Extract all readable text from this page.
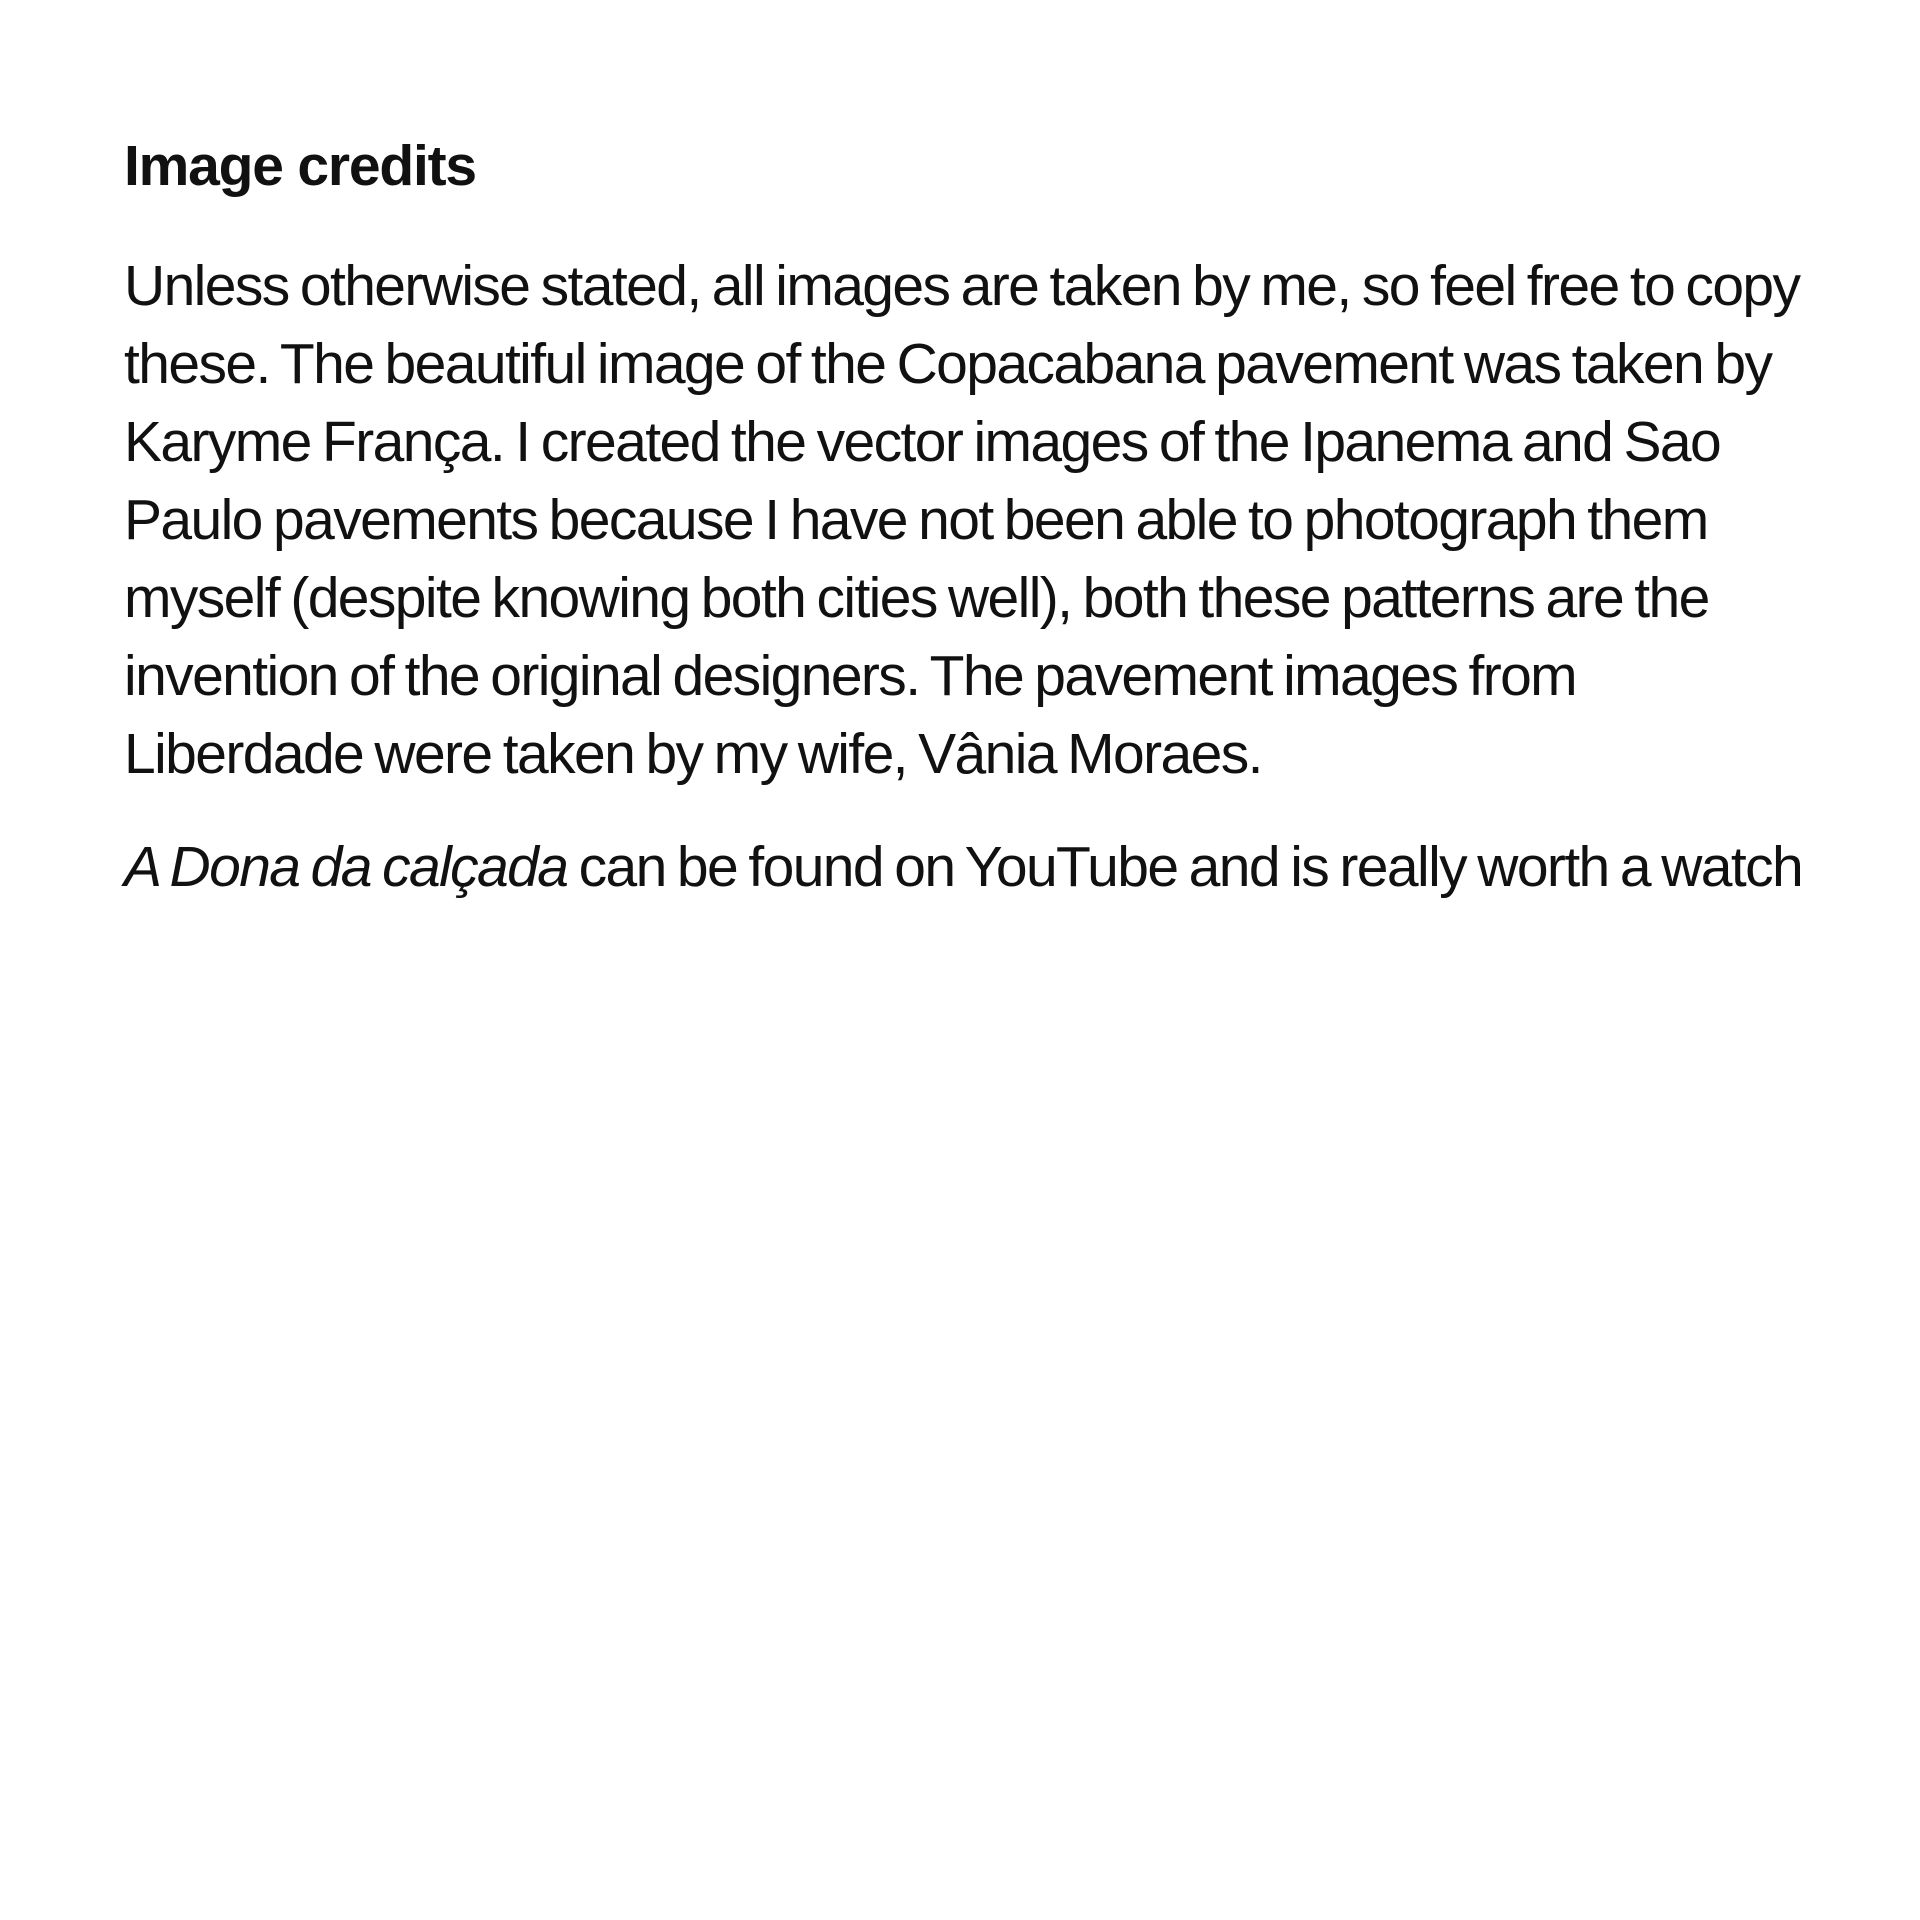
Image credits

Unless otherwise stated, all images are taken by me, so feel free to copy these. The beautiful image of the Copacabana pavement was taken by Karyme França. I created the vector images of the Ipanema and Sao Paulo pavements because I have not been able to photograph them myself (despite knowing both cities well), both these patterns are the invention of the original designers. The pavement images from Liberdade were taken by my wife, Vânia Moraes.

A Dona da calçada can be found on YouTube and is really worth a watch
